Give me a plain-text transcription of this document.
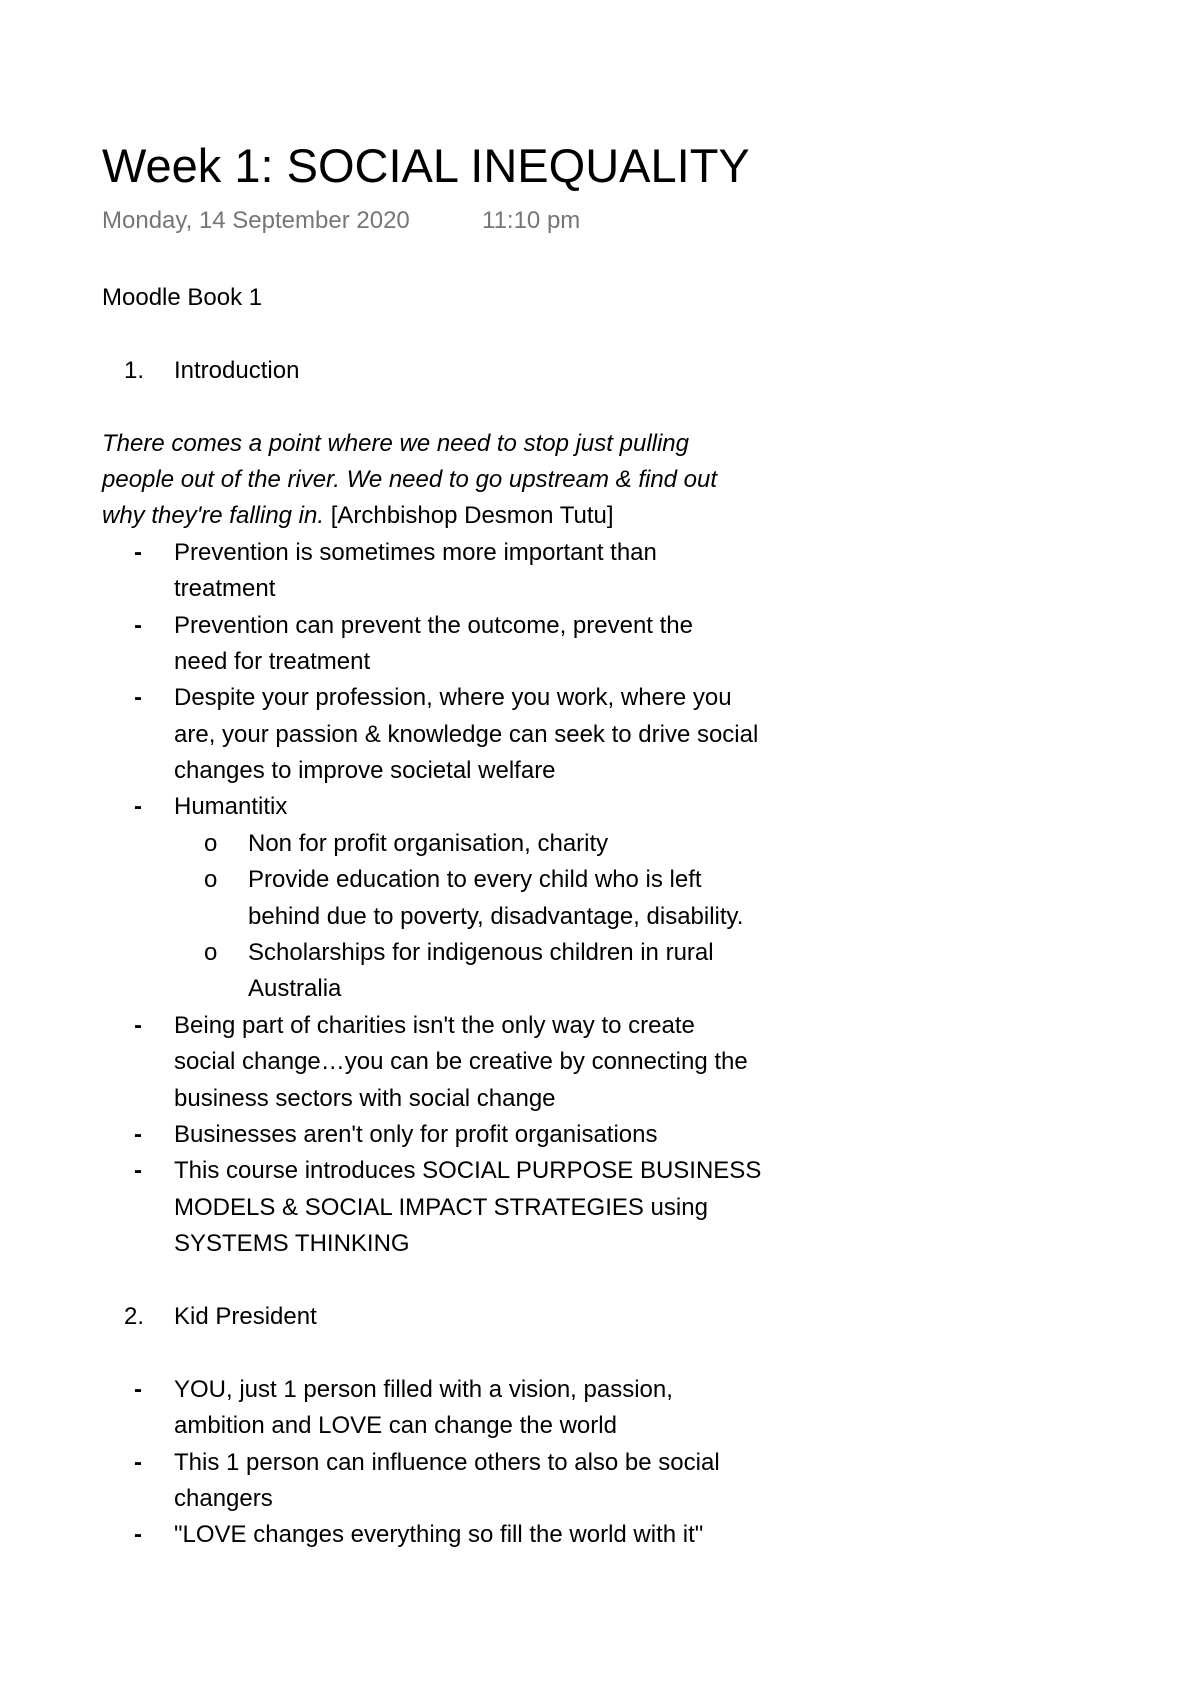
Week 1: SOCIAL INEQUALITY
Monday, 14 September 2020	11:10 pm
Moodle Book 1
1. Introduction
There comes a point where we need to stop just pulling
people out of the river. We need to go upstream & find out
why they're falling in. [Archbishop Desmon Tutu]
- Prevention is sometimes more important than
treatment
- Prevention can prevent the outcome, prevent the
need for treatment
- Despite your profession, where you work, where you
are, your passion & knowledge can seek to drive social
changes to improve societal welfare
- Humantitix
o Non for profit organisation, charity
o Provide education to every child who is left
behind due to poverty, disadvantage, disability.
o Scholarships for indigenous children in rural
Australia
- Being part of charities isn't the only way to create
social change…you can be creative by connecting the
business sectors with social change
- Businesses aren't only for profit organisations
- This course introduces SOCIAL PURPOSE BUSINESS
MODELS & SOCIAL IMPACT STRATEGIES using
SYSTEMS THINKING
2. Kid President
- YOU, just 1 person filled with a vision, passion,
ambition and LOVE can change the world
- This 1 person can influence others to also be social
changers
- "LOVE changes everything so fill the world with it"
